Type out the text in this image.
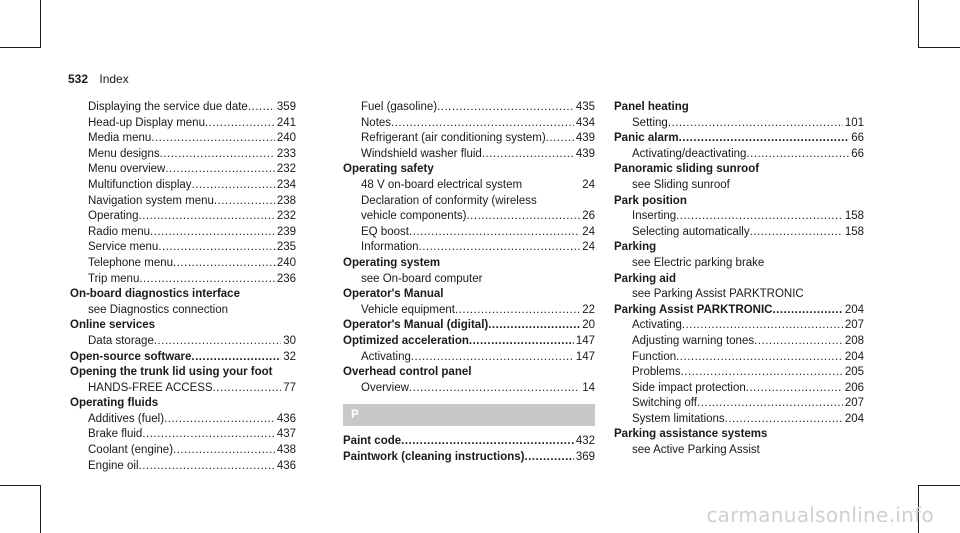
532 Index
Displaying the service due date .....	359
Head-up Display menu .....	241
Media menu .....	240
Menu designs .....	233
Menu overview .....	232
Multifunction display .....	234
Navigation system menu .....	238
Operating .....	232
Radio menu .....	239
Service menu .....	235
Telephone menu .....	240
Trip menu .....	236
On-board diagnostics interface
see Diagnostics connection
Online services
Data storage .....	30
Open-source software .....	32
Opening the trunk lid using your foot
HANDS-FREE ACCESS .....	77
Operating fluids
Additives (fuel) .....	436
Brake fluid .....	437
Coolant (engine) .....	438
Engine oil .....	436
Fuel (gasoline) .....	435
Notes .....	434
Refrigerant (air conditioning system) .....	439
Windshield washer fluid .....	439
Operating safety
48 V on-board electrical system	24
Declaration of conformity (wireless
vehicle components) .....	26
EQ boost .....	24
Information .....	24
Operating system
see On-board computer
Operator's Manual
Vehicle equipment .....	22
Operator's Manual (digital) .....	20
Optimized acceleration .....	147
Activating .....	147
Overhead control panel
Overview .....	14
P
Paint code .....	432
Paintwork (cleaning instructions) .....	369
Panel heating
Setting .....	101
Panic alarm .....	66
Activating/deactivating .....	66
Panoramic sliding sunroof
see Sliding sunroof
Park position
Inserting .....	158
Selecting automatically .....	158
Parking
see Electric parking brake
Parking aid
see Parking Assist PARKTRONIC
Parking Assist PARKTRONIC .....	204
Activating .....	207
Adjusting warning tones .....	208
Function .....	204
Problems .....	205
Side impact protection .....	206
Switching off .....	207
System limitations .....	204
Parking assistance systems
see Active Parking Assist
carmanualsonline.info
